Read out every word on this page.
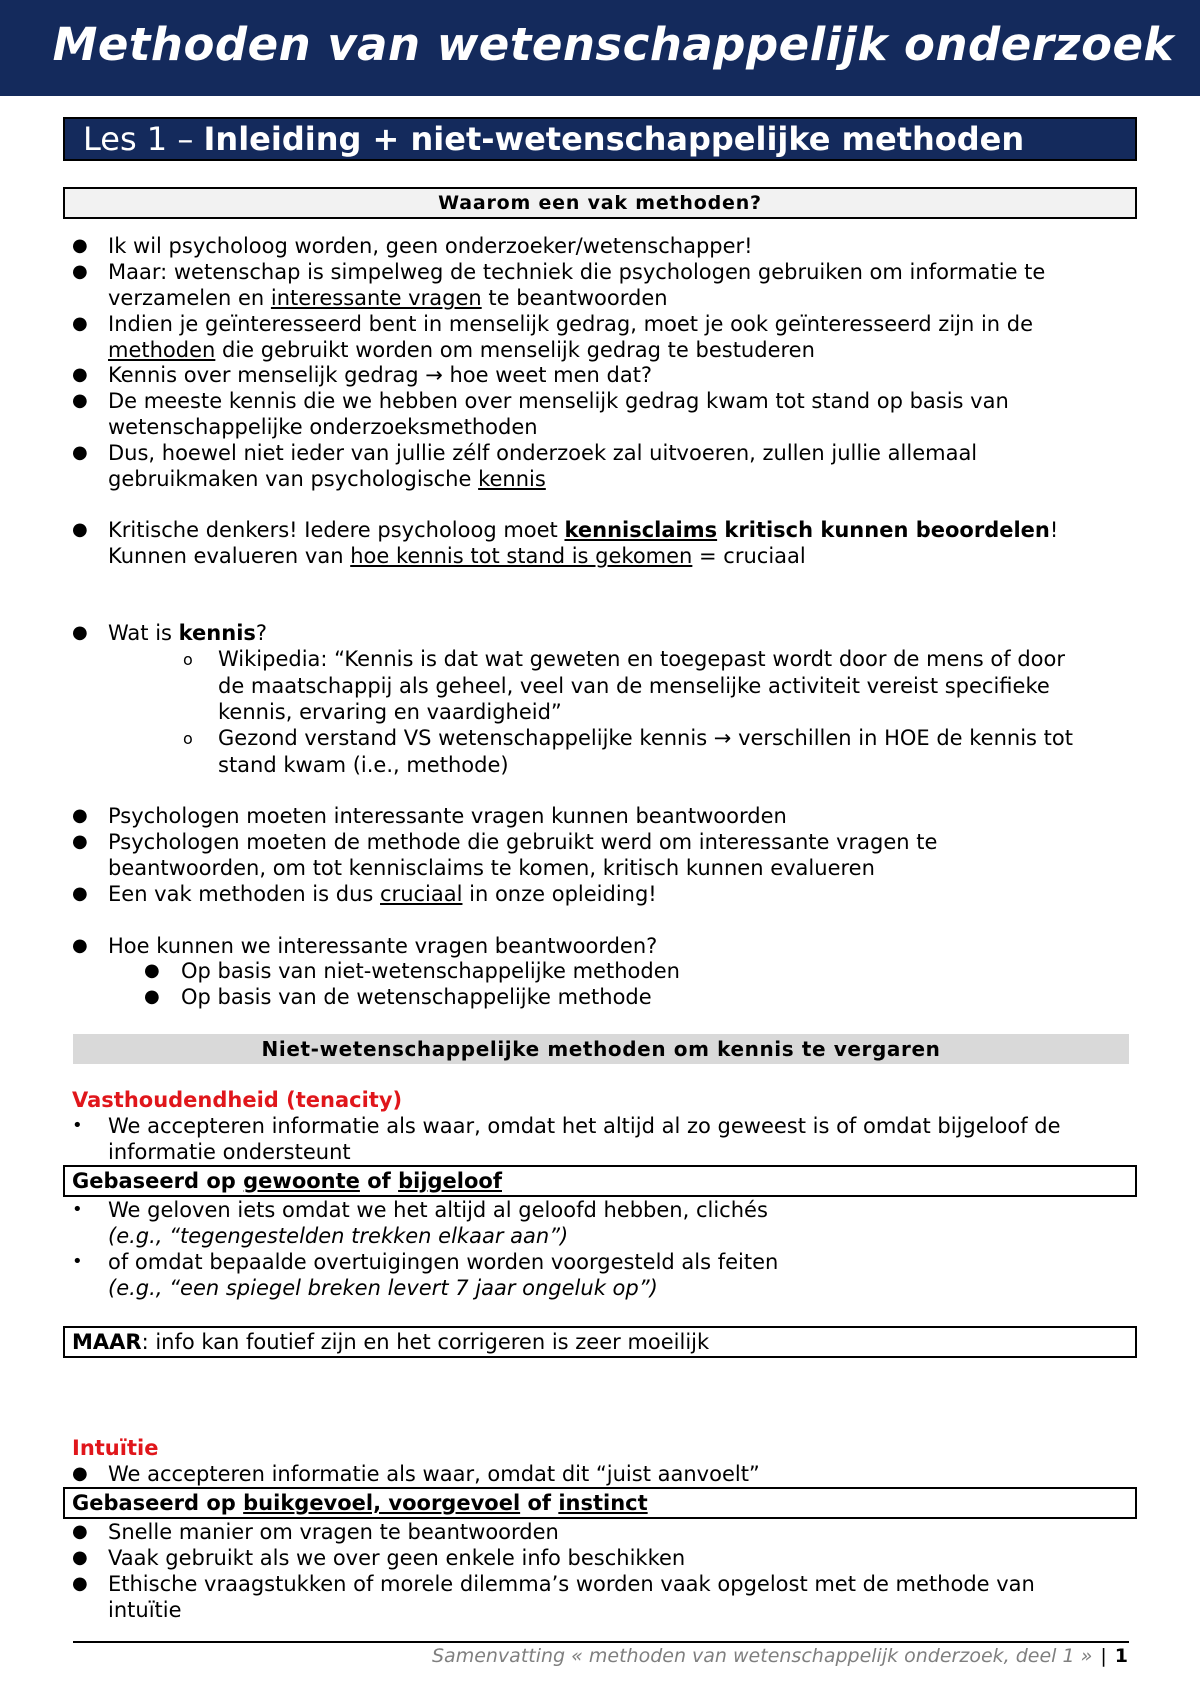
Methoden van wetenschappelijk onderzoek
Les 1 – Inleiding + niet-wetenschappelijke methoden
Waarom een vak methoden?
● Ik wil psycholoog worden, geen onderzoeker/wetenschapper!
● Maar: wetenschap is simpelweg de techniek die psychologen gebruiken om informatie te
verzamelen en interessante vragen te beantwoorden
● Indien je geïnteresseerd bent in menselijk gedrag, moet je ook geïnteresseerd zijn in de
methoden die gebruikt worden om menselijk gedrag te bestuderen
● Kennis over menselijk gedrag → hoe weet men dat?
● De meeste kennis die we hebben over menselijk gedrag kwam tot stand op basis van
wetenschappelijke onderzoeksmethoden
● Dus, hoewel niet ieder van jullie zélf onderzoek zal uitvoeren, zullen jullie allemaal
gebruikmaken van psychologische kennis
● Kritische denkers! Iedere psycholoog moet kennisclaims kritisch kunnen beoordelen!
Kunnen evalueren van hoe kennis tot stand is gekomen = cruciaal
● Wat is kennis?
o Wikipedia: “Kennis is dat wat geweten en toegepast wordt door de mens of door
de maatschappij als geheel, veel van de menselijke activiteit vereist specifieke
kennis, ervaring en vaardigheid”
o Gezond verstand VS wetenschappelijke kennis → verschillen in HOE de kennis tot
stand kwam (i.e., methode)
● Psychologen moeten interessante vragen kunnen beantwoorden
● Psychologen moeten de methode die gebruikt werd om interessante vragen te
beantwoorden, om tot kennisclaims te komen, kritisch kunnen evalueren
● Een vak methoden is dus cruciaal in onze opleiding!
● Hoe kunnen we interessante vragen beantwoorden?
● Op basis van niet-wetenschappelijke methoden
● Op basis van de wetenschappelijke methode
Niet-wetenschappelijke methoden om kennis te vergaren
Vasthoudendheid (tenacity)
• We accepteren informatie als waar, omdat het altijd al zo geweest is of omdat bijgeloof de
informatie ondersteunt
Gebaseerd op gewoonte of bijgeloof
• We geloven iets omdat we het altijd al geloofd hebben, clichés
(e.g., “tegengestelden trekken elkaar aan”)
• of omdat bepaalde overtuigingen worden voorgesteld als feiten
(e.g., “een spiegel breken levert 7 jaar ongeluk op”)
MAAR: info kan foutief zijn en het corrigeren is zeer moeilijk
Intuïtie
● We accepteren informatie als waar, omdat dit “juist aanvoelt”
Gebaseerd op buikgevoel, voorgevoel of instinct
● Snelle manier om vragen te beantwoorden
● Vaak gebruikt als we over geen enkele info beschikken
● Ethische vraagstukken of morele dilemma’s worden vaak opgelost met de methode van
intuïtie
Samenvatting « methoden van wetenschappelijk onderzoek, deel 1 » | 1
